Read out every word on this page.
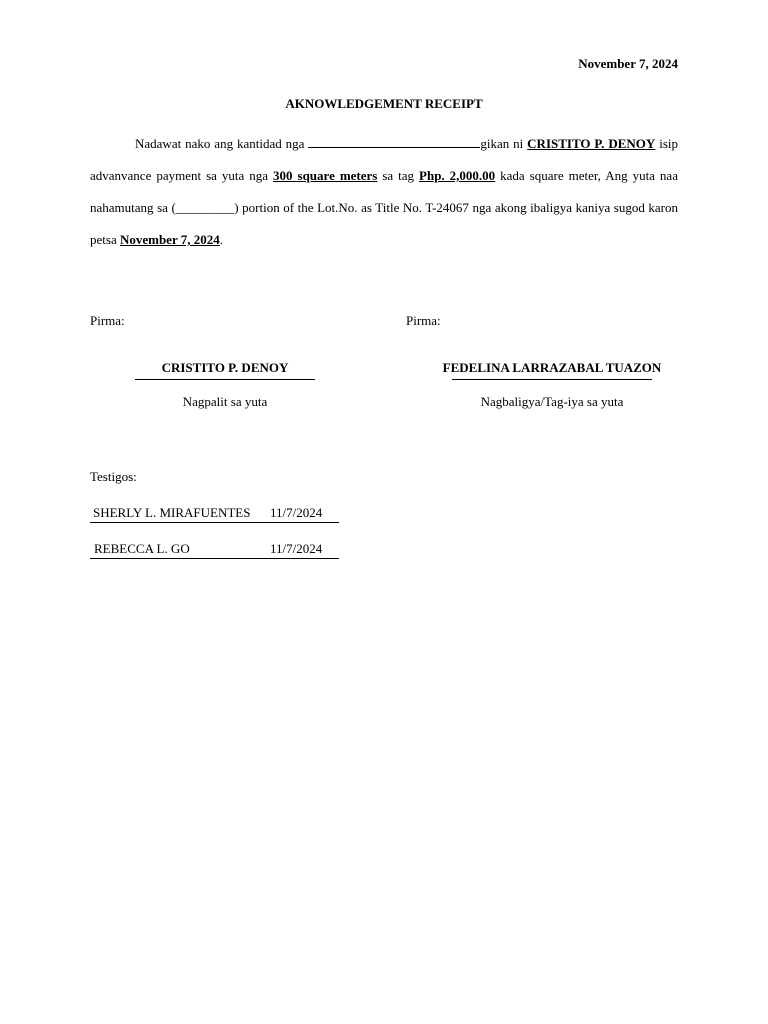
November 7, 2024
AKNOWLEDGEMENT RECEIPT

Nadawat nako ang kantidad nga	gikan ni CRISTITO P. DENOY isip advanvance payment sa yuta nga 300 square meters sa tag Php. 2,000.00 kada square meter, Ang yuta naa nahamutang sa (_________) portion of the Lot.No. as Title No. T-24067 nga akong ibaligya kaniya sugod karon petsa November 7, 2024.

Pirma:	Pirma:
CRISTITO P. DENOY
Nagpalit sa yuta
FEDELINA LARRAZABAL TUAZON
Nagbaligya/Tag-iya sa yuta
Testigos:
SHERLY L. MIRAFUENTES 11/7/2024
REBECCA L. GO	11/7/2024
